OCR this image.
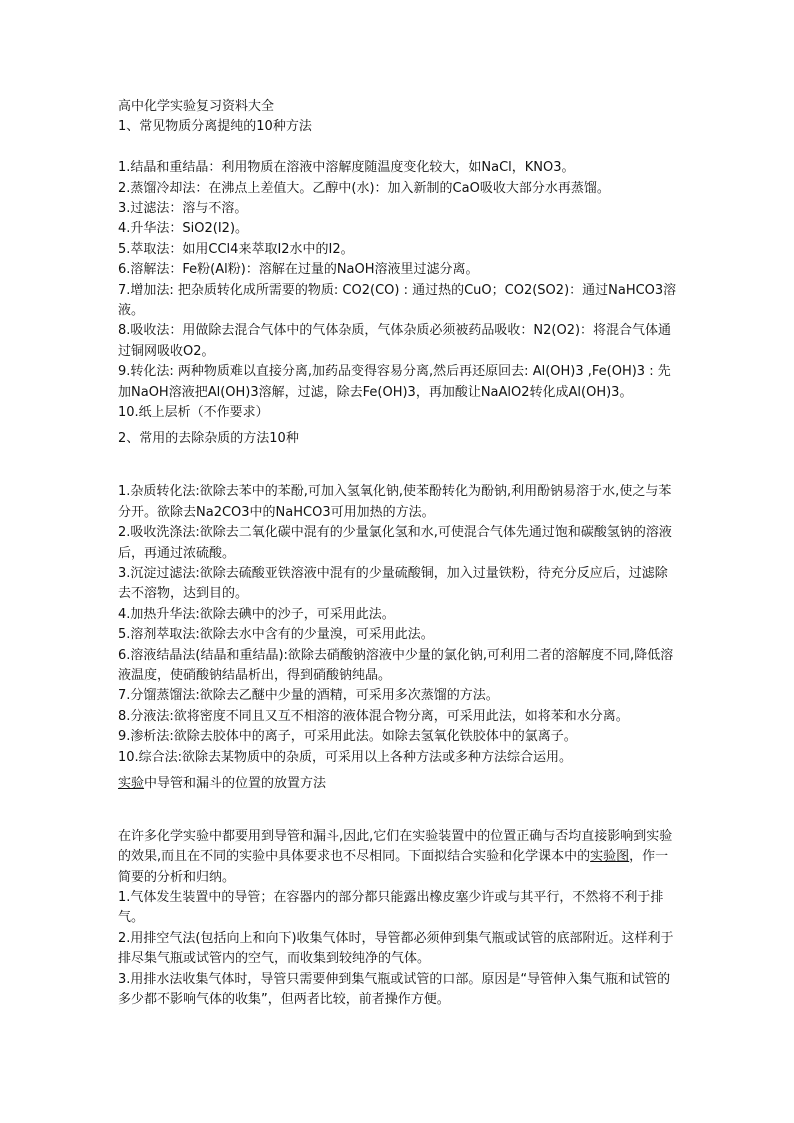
高中化学实验复习资料大全
1、常见物质分离提纯的10种方法
1.结晶和重结晶：利用物质在溶液中溶解度随温度变化较大，如NaCl，KNO3。
2.蒸馏冷却法：在沸点上差值大。乙醇中(水)：加入新制的CaO吸收大部分水再蒸馏。
3.过滤法：溶与不溶。
4.升华法：SiO2(I2)。
5.萃取法：如用CCl4来萃取I2水中的I2。
6.溶解法：Fe粉(Al粉)：溶解在过量的NaOH溶液里过滤分离。
7.增加法: 把杂质转化成所需要的物质: CO2(CO) : 通过热的CuO；CO2(SO2)：通过NaHCO3溶液。
8.吸收法：用做除去混合气体中的气体杂质，气体杂质必须被药品吸收：N2(O2)：将混合气体通过铜网吸收O2。
9.转化法: 两种物质难以直接分离,加药品变得容易分离,然后再还原回去: Al(OH)3 ,Fe(OH)3 : 先加NaOH溶液把Al(OH)3溶解，过滤，除去Fe(OH)3，再加酸让NaAlO2转化成Al(OH)3。
10.纸上层析（不作要求）
2、常用的去除杂质的方法10种
1.杂质转化法:欲除去苯中的苯酚,可加入氢氧化钠,使苯酚转化为酚钠,利用酚钠易溶于水,使之与苯分开。欲除去Na2CO3中的NaHCO3可用加热的方法。
2.吸收洗涤法:欲除去二氧化碳中混有的少量氯化氢和水,可使混合气体先通过饱和碳酸氢钠的溶液后，再通过浓硫酸。
3.沉淀过滤法:欲除去硫酸亚铁溶液中混有的少量硫酸铜，加入过量铁粉，待充分反应后，过滤除去不溶物，达到目的。
4.加热升华法:欲除去碘中的沙子，可采用此法。
5.溶剂萃取法:欲除去水中含有的少量溴，可采用此法。
6.溶液结晶法(结晶和重结晶):欲除去硝酸钠溶液中少量的氯化钠,可利用二者的溶解度不同,降低溶液温度，使硝酸钠结晶析出，得到硝酸钠纯晶。
7.分馏蒸馏法:欲除去乙醚中少量的酒精，可采用多次蒸馏的方法。
8.分液法:欲将密度不同且又互不相溶的液体混合物分离，可采用此法，如将苯和水分离。
9.渗析法:欲除去胶体中的离子，可采用此法。如除去氢氧化铁胶体中的氯离子。
10.综合法:欲除去某物质中的杂质，可采用以上各种方法或多种方法综合运用。
实验中导管和漏斗的位置的放置方法
在许多化学实验中都要用到导管和漏斗,因此,它们在实验装置中的位置正确与否均直接影响到实验的效果,而且在不同的实验中具体要求也不尽相同。下面拟结合实验和化学课本中的实验图，作一简要的分析和归纳。
1.气体发生装置中的导管；在容器内的部分都只能露出橡皮塞少许或与其平行，不然将不利于排气。
2.用排空气法(包括向上和向下)收集气体时，导管都必须伸到集气瓶或试管的底部附近。这样利于排尽集气瓶或试管内的空气，而收集到较纯净的气体。
3.用排水法收集气体时，导管只需要伸到集气瓶或试管的口部。原因是“导管伸入集气瓶和试管的多少都不影响气体的收集”，但两者比较，前者操作方便。
